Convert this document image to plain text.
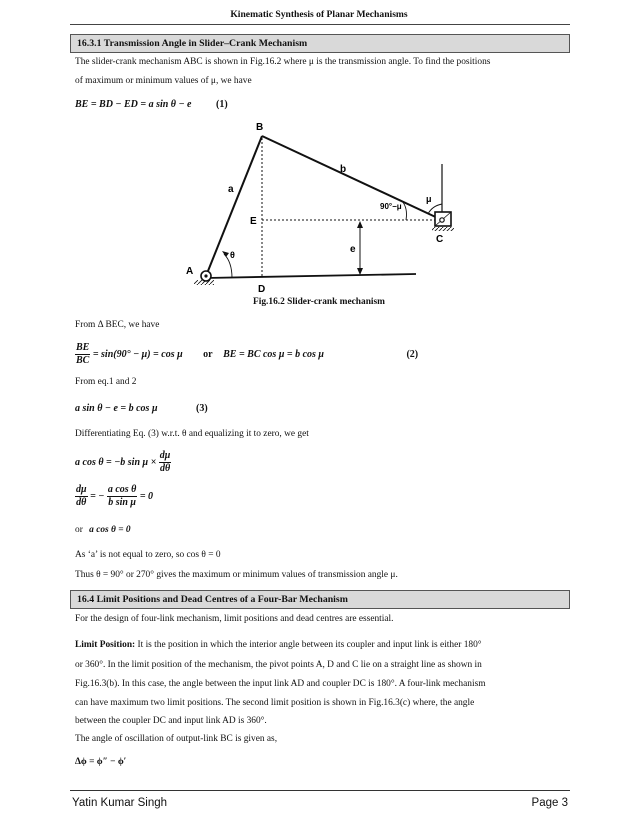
Kinematic Synthesis of Planar Mechanisms
16.3.1 Transmission Angle in Slider–Crank Mechanism
The slider-crank mechanism ABC is shown in Fig.16.2 where μ is the transmission angle. To find the positions
of maximum or minimum values of μ, we have
BE = BD − ED = a sin θ − e (1)
B
A
D
E
C
a
b
e
θ
μ
90°−μ
Fig.16.2 Slider-crank mechanism
From Δ BEC, we have
$\frac{BE}{BC} = \sin(90^\circ - \mu) = \cos \mu$ or BE = BC cos μ = b cos μ	(2)
From eq.1 and 2
a sin θ − e = b cos μ	(3)
Differentiating Eq. (3) w.r.t. θ and equalizing it to zero, we get
a cos θ = −b $\sin \mu \times \frac{d\mu}{d\theta}$
$\frac{d\mu}{d\theta}$ = − $\frac{\text{a cos θ}}{\text{b sin μ}} = 0$
or a cos θ = 0
As ‘a’ is not equal to zero, so cos θ = 0
Thus θ = 90° or 270° gives the maximum or minimum values of transmission angle μ.
16.4 Limit Positions and Dead Centres of a Four-Bar Mechanism
For the design of four-link mechanism, limit positions and dead centres are essential.
Limit Position: It is the position in which the interior angle between its coupler and input link is either 180°
or 360°. In the limit position of the mechanism, the pivot points A, D and C lie on a straight line as shown in
Fig.16.3(b). In this case, the angle between the input link AD and coupler DC is 180°. A four-link mechanism
can have maximum two limit positions. The second limit position is shown in Fig.16.3(c) where, the angle
between the coupler DC and input link AD is 360°.
The angle of oscillation of output-link BC is given as,
Δϕ = ϕ″ − ϕ′
Yatin Kumar Singh	Page 3
